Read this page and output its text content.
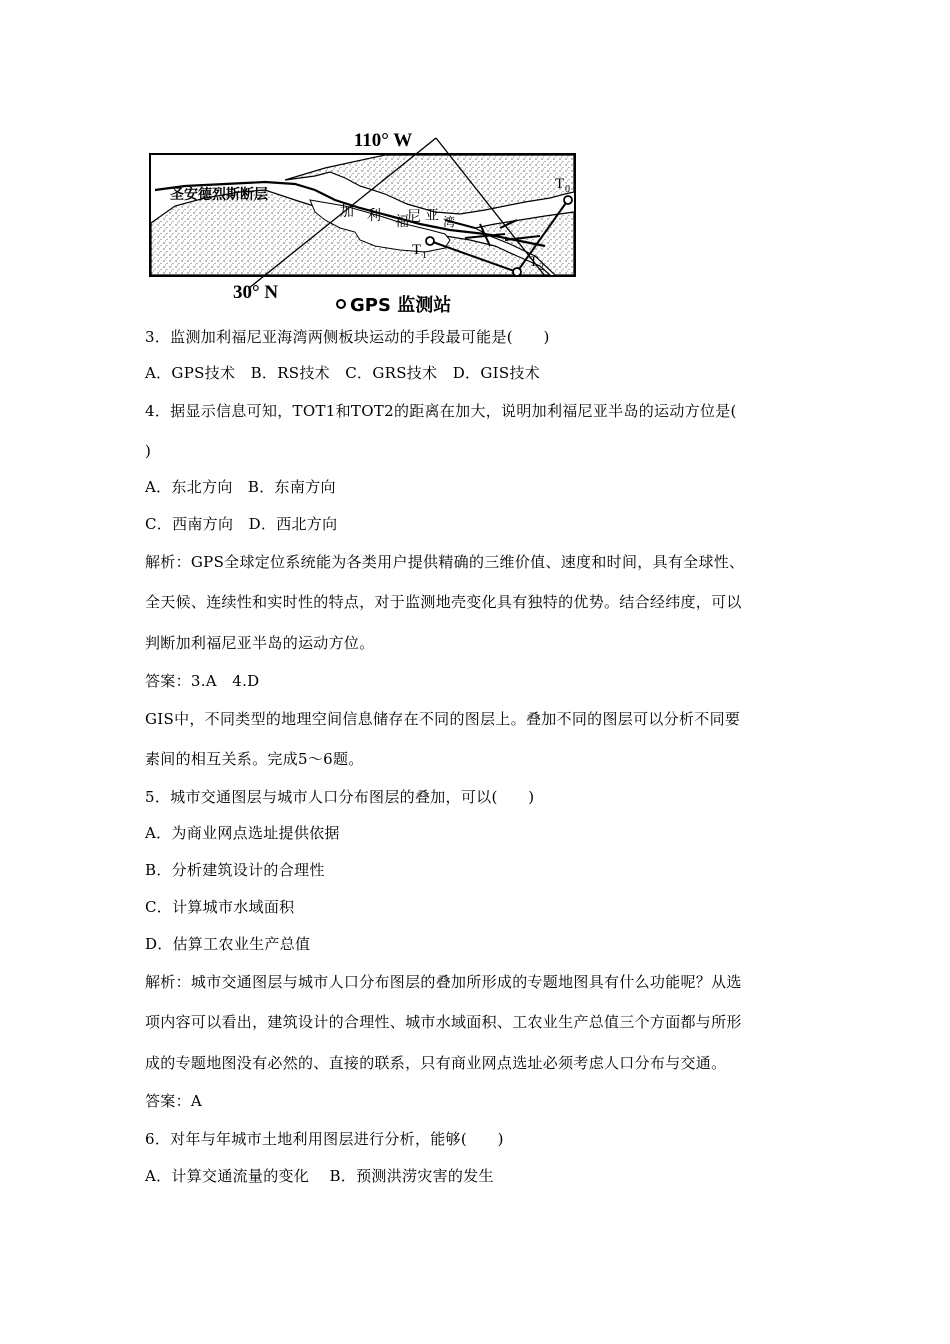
110° W
圣安德烈斯断层
加 利 福
尼 亚 湾
T 0
T 1	T 2
30° N
GPS 监测站
3．监测加利福尼亚海湾两侧板块运动的手段最可能是(　　)
A．GPS技术　B．RS技术　C．GRS技术　D．GIS技术
4．据显示信息可知，TOT1和TOT2的距离在加大，说明加利福尼亚半岛的运动方位是(
)
A．东北方向　B．东南方向
C．西南方向　D．西北方向
解析：GPS全球定位系统能为各类用户提供精确的三维价值、速度和时间，具有全球性、
全天候、连续性和实时性的特点，对于监测地壳变化具有独特的优势。结合经纬度，可以
判断加利福尼亚半岛的运动方位。
答案：3.A　4.D
GIS中，不同类型的地理空间信息储存在不同的图层上。叠加不同的图层可以分析不同要
素间的相互关系。完成5～6题。
5．城市交通图层与城市人口分布图层的叠加，可以(　　)
A．为商业网点选址提供依据
B．分析建筑设计的合理性
C．计算城市水域面积
D．估算工农业生产总值
解析：城市交通图层与城市人口分布图层的叠加所形成的专题地图具有什么功能呢？从选
项内容可以看出，建筑设计的合理性、城市水域面积、工农业生产总值三个方面都与所形
成的专题地图没有必然的、直接的联系，只有商业网点选址必须考虑人口分布与交通。
答案：A
6．对年与年城市土地利用图层进行分析，能够(　　)
A．计算交通流量的变化　 B．预测洪涝灾害的发生
